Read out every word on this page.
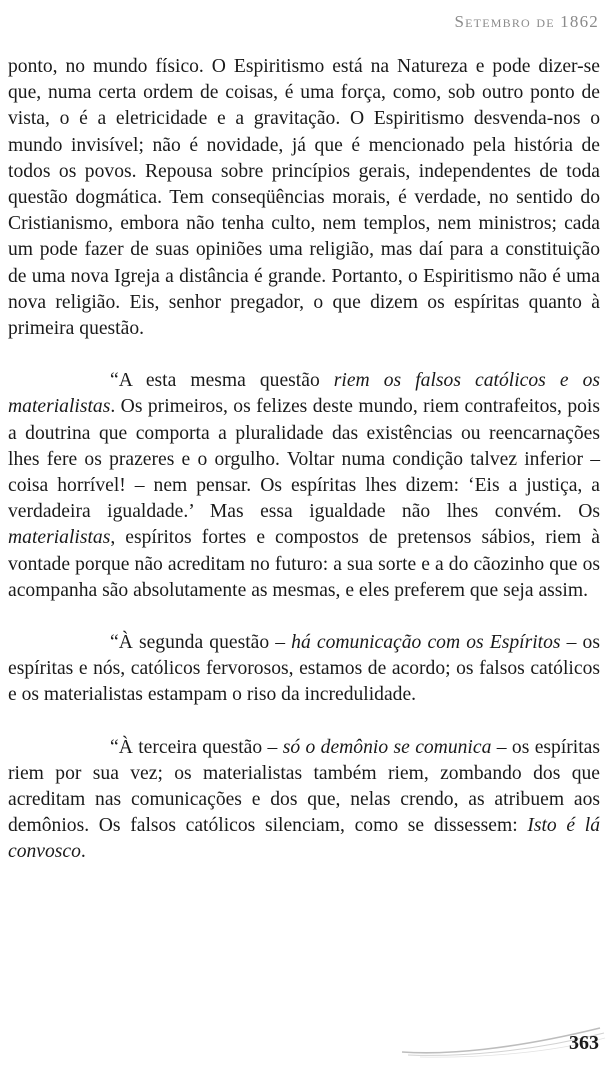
Setembro de 1862

ponto, no mundo físico. O Espiritismo está na Natureza e pode dizer-se que, numa certa ordem de coisas, é uma força, como, sob outro ponto de vista, o é a eletricidade e a gravitação. O Espiritismo desvenda-nos o mundo invisível; não é novidade, já que é mencionado pela história de todos os povos. Repousa sobre princípios gerais, independentes de toda questão dogmática. Tem conseqüências morais, é verdade, no sentido do Cristianismo, embora não tenha culto, nem templos, nem ministros; cada um pode fazer de suas opiniões uma religião, mas daí para a constituição de uma nova Igreja a distância é grande. Portanto, o Espiritismo não é uma nova religião. Eis, senhor pregador, o que dizem os espíritas quanto à primeira questão.

“A esta mesma questão riem os falsos católicos e os materialistas. Os primeiros, os felizes deste mundo, riem contrafeitos, pois a doutrina que comporta a pluralidade das existências ou reencarnações lhes fere os prazeres e o orgulho. Voltar numa condição talvez inferior – coisa horrível! – nem pensar. Os espíritas lhes dizem: ‘Eis a justiça, a verdadeira igualdade.’ Mas essa igualdade não lhes convém. Os materialistas, espíritos fortes e compostos de pretensos sábios, riem à vontade porque não acreditam no futuro: a sua sorte e a do cãozinho que os acompanha são absolutamente as mesmas, e eles preferem que seja assim.

“À segunda questão – há comunicação com os Espíritos – os espíritas e nós, católicos fervorosos, estamos de acordo; os falsos católicos e os materialistas estampam o riso da incredulidade.

“À terceira questão – só o demônio se comunica – os espíritas riem por sua vez; os materialistas também riem, zombando dos que acreditam nas comunicações e dos que, nelas crendo, as atribuem aos demônios. Os falsos católicos silenciam, como se dissessem: Isto é lá convosco.

363
